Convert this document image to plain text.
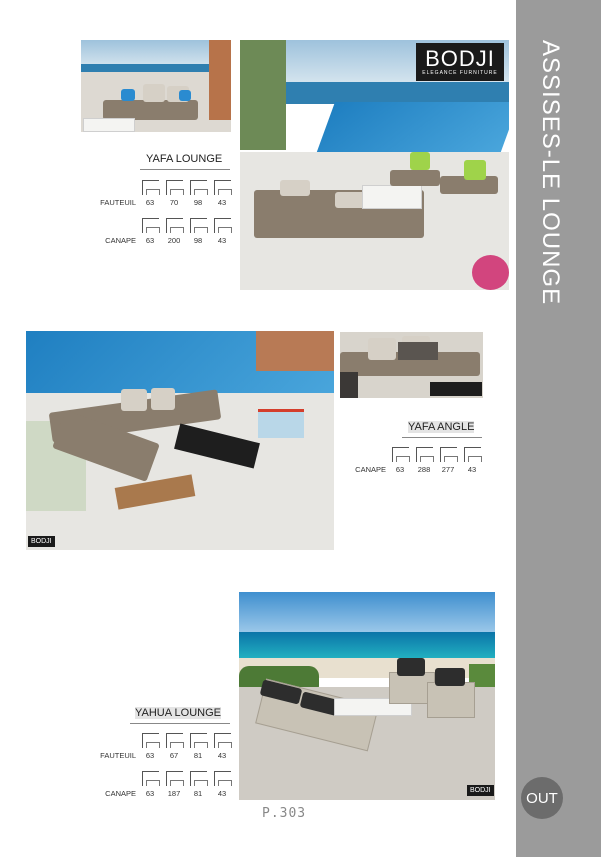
ASSISES-LE LOUNGE
OUT
BODJI
ELEGANCE FURNITURE
YAFA LOUNGE
FAUTEUIL 63 70 98 43
CANAPE 63 200 98 43
BODJI
YAFA ANGLE
CANAPE 63 288 277 43
BODJI
YAHUA LOUNGE
FAUTEUIL 63 67 81 43
CANAPE 63 187 81 43
P.303
